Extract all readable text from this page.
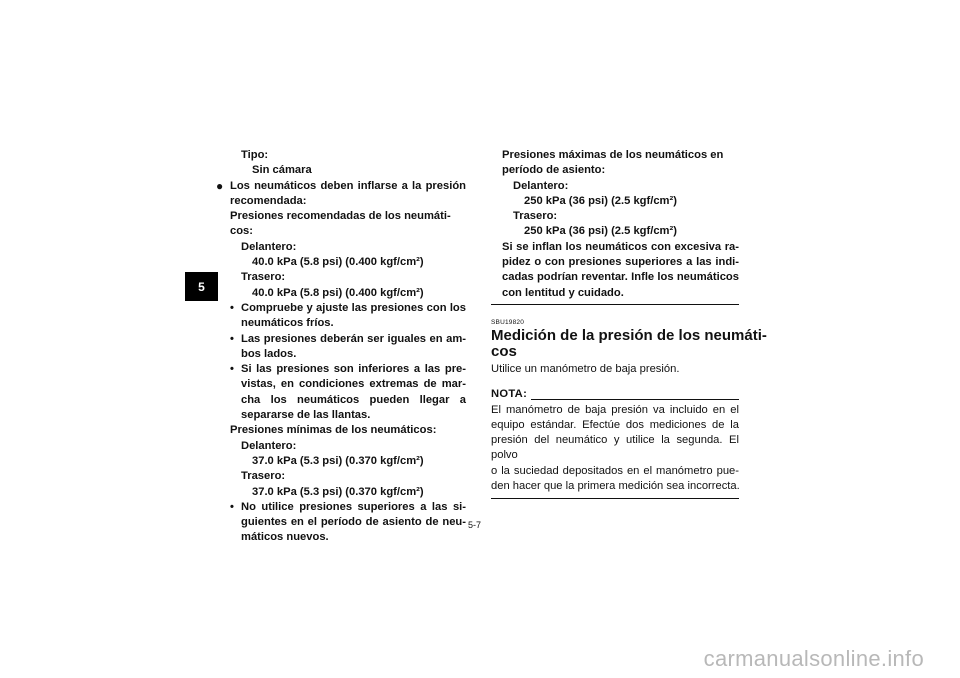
5
Tipo:
Sin cámara
● Los neumáticos deben inflarse a la presión
recomendada:
Presiones recomendadas de los neumáti-
cos:
Delantero:
40.0 kPa (5.8 psi) (0.400 kgf/cm²)
Trasero:
40.0 kPa (5.8 psi) (0.400 kgf/cm²)
• Compruebe y ajuste las presiones con los
neumáticos fríos.
• Las presiones deberán ser iguales en am-
bos lados.
• Si las presiones son inferiores a las pre-
vistas, en condiciones extremas de mar-
cha los neumáticos pueden llegar a
separarse de las llantas.
Presiones mínimas de los neumáticos:
Delantero:
37.0 kPa (5.3 psi) (0.370 kgf/cm²)
Trasero:
37.0 kPa (5.3 psi) (0.370 kgf/cm²)
• No utilice presiones superiores a las si-
guientes en el período de asiento de neu-
máticos nuevos.
Presiones máximas de los neumáticos en
período de asiento:
Delantero:
250 kPa (36 psi) (2.5 kgf/cm²)
Trasero:
250 kPa (36 psi) (2.5 kgf/cm²)
Si se inflan los neumáticos con excesiva ra-
pidez o con presiones superiores a las indi-
cadas podrían reventar. Infle los neumáticos
con lentitud y cuidado.
SBU19820
Medición de la presión de los neumáti-
cos
Utilice un manómetro de baja presión.
NOTA:
El manómetro de baja presión va incluido en el
equipo estándar. Efectúe dos mediciones de la
presión del neumático y utilice la segunda. El polvo
o la suciedad depositados en el manómetro pue-
den hacer que la primera medición sea incorrecta.
5-7
carmanualsonline.info
